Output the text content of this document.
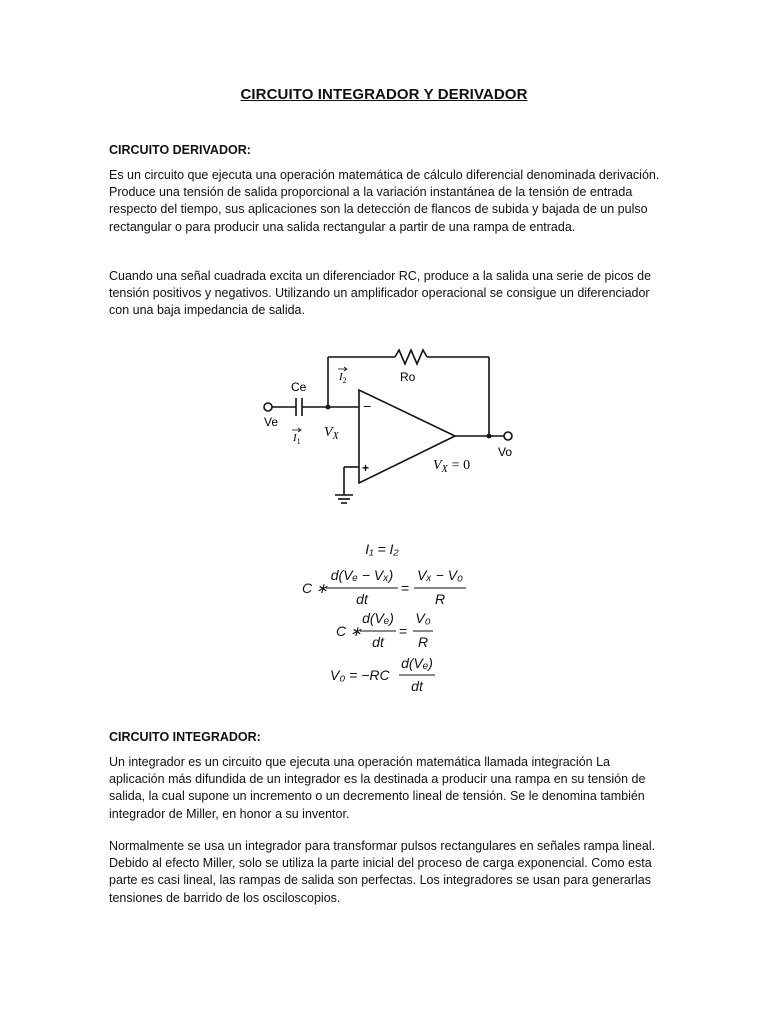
CIRCUITO INTEGRADOR Y DERIVADOR
CIRCUITO DERIVADOR:

Es un circuito que ejecuta una operación matemática de cálculo diferencial denominada derivación. Produce una tensión de salida proporcional a la variación instantánea de la tensión de entrada respecto del tiempo, sus aplicaciones son la detección de flancos de subida y bajada de un pulso rectangular o para producir una salida rectangular a partir de una rampa de entrada.

Cuando una señal cuadrada excita un diferenciador RC, produce a la salida una serie de picos de tensión positivos y negativos. Utilizando un amplificador operacional se consigue un diferenciador con una baja impedancia de salida.

−
+
Ce
Ve
Ro
Vo
$I_1$
$I_2$
$V_X$
$V_X = 0$
I₁ = I₂
C ∗
d(Vₑ − Vₓ)
dt
=
Vₓ − V₀
R
C ∗
d(Vₑ)
dt
=
V₀
R
V₀ = −RC
d(Vₑ)
dt
CIRCUITO INTEGRADOR:

Un integrador es un circuito que ejecuta una operación matemática llamada integración La aplicación más difundida de un integrador es la destinada a producir una rampa en su tensión de salida, la cual supone un incremento o un decremento lineal de tensión. Se le denomina también integrador de Miller, en honor a su inventor.

Normalmente se usa un integrador para transformar pulsos rectangulares en señales rampa lineal. Debido al efecto Miller, solo se utiliza la parte inicial del proceso de carga exponencial. Como esta parte es casi lineal, las rampas de salida son perfectas. Los integradores se usan para generarlas tensiones de barrido de los osciloscopios.
